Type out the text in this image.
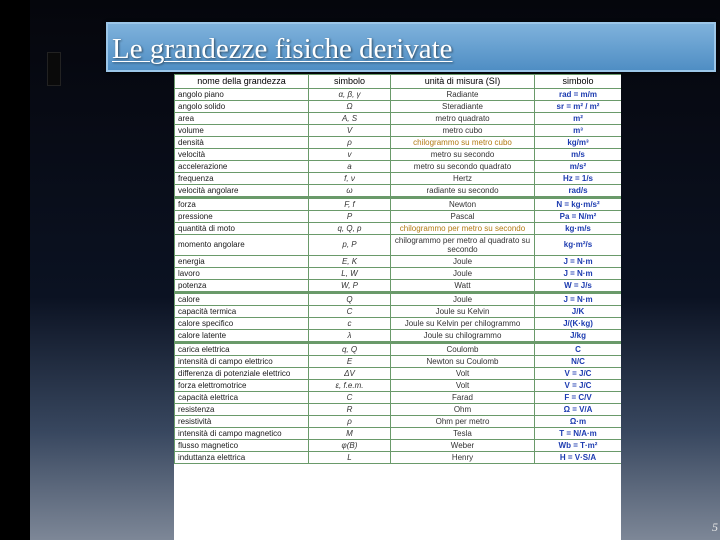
Le grandezze fisiche derivate
nome della grandezza	simbolo	unità di misura (SI)	simbolo
angolo piano	α, β, γ	Radiante	rad = m/m
angolo solido	Ω	Steradiante	sr = m² / m²
area	A, S	metro quadrato	m²
volume	V	metro cubo	m³
densità	ρ	chilogrammo su metro cubo	kg/m³
velocità	v	metro su secondo	m/s
accelerazione	a	metro su secondo quadrato	m/s²
frequenza	f, ν	Hertz	Hz = 1/s
velocità angolare	ω	radiante su secondo	rad/s
forza	F, f	Newton	N = kg·m/s²
pressione	P	Pascal	Pa = N/m²
quantità di moto	q, Q, p	chilogrammo per metro su secondo	kg·m/s
momento angolare	p, P	chilogrammo per metro al quadrato su secondo	kg·m²/s
energia	E, K	Joule	J = N·m
lavoro	L, W	Joule	J = N·m
potenza	W, P	Watt	W = J/s
calore	Q	Joule	J = N·m
capacità termica	C	Joule su Kelvin	J/K
calore specifico	c	Joule su Kelvin per chilogrammo	J/(K·kg)
calore latente	λ	Joule su chilogrammo	J/kg
carica elettrica	q, Q	Coulomb	C
intensità di campo elettrico	E	Newton su Coulomb	N/C
differenza di potenziale elettrico	ΔV	Volt	V = J/C
forza elettromotrice	ε, f.e.m.	Volt	V = J/C
capacità elettrica	C	Farad	F = C/V
resistenza	R	Ohm	Ω = V/A
resistività	ρ	Ohm per metro	Ω·m
intensità di campo magnetico	M	Tesla	T = N/A·m
flusso magnetico	φ(B)	Weber	Wb = T·m²
induttanza elettrica	L	Henry	H = V·S/A
5
